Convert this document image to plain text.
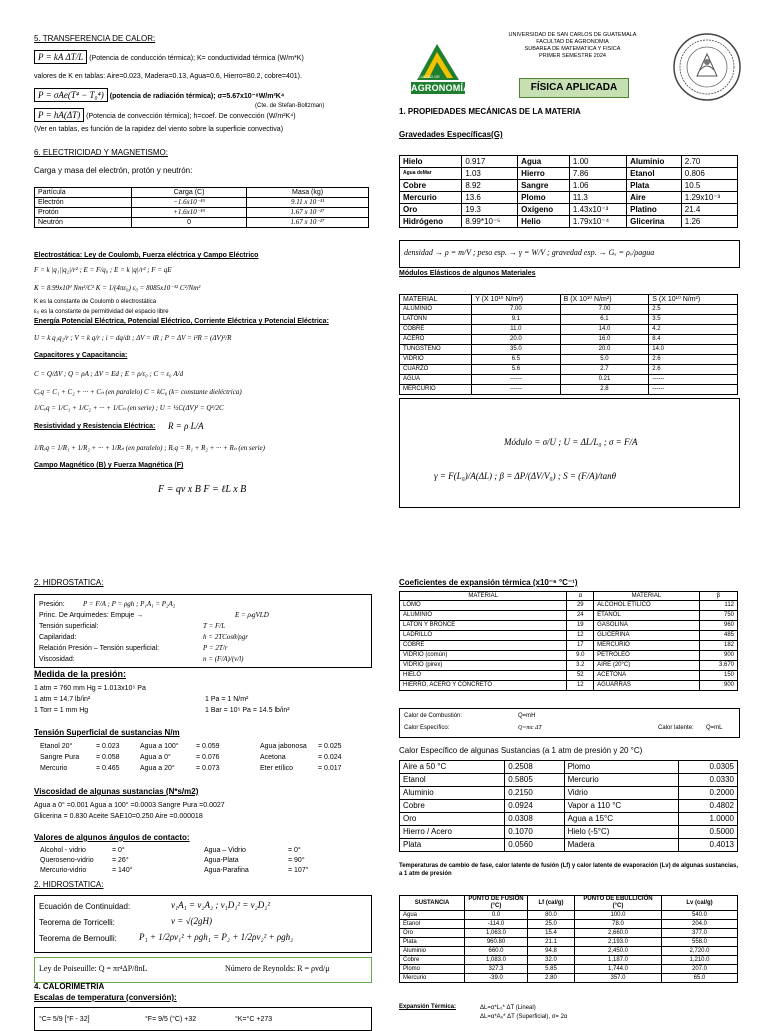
5. TRANSFERENCIA DE CALOR:
P = kA ΔT/L (Potencia de conducción térmica); K= conductividad térmica (W/m*K)
valores de K en tablas: Aire=0.023, Madera=0.13, Agua=0.6, Hierro=80.2, cobre=401).
P = σAe(T⁴ − T₀⁴) (potencia de radiación térmica); σ=5.67x10⁻⁸W/m²K⁴
(Cte. de Stefan-Boltzman)
P = hA(ΔT) (Potencia de convección térmica); h=coef. De convección (W/m²K⁴)
(Ver en tablas, es función de la rapidez del viento sobre la superficie convectiva)
6. ELECTRICIDAD Y MAGNETISMO:
Carga y masa del electrón, protón y neutrón:
Partícula	Carga (C)	Masa (kg)
Electrón	−1.6x10⁻¹⁹	9.11 x 10⁻³¹
Protón	+1.6x10⁻¹⁹	1.67 x 10⁻²⁷
Neutrón	0	1.67 x 10⁻²⁷
Electrostática: Ley de Coulomb, Fuerza eléctrica y Campo Eléctrico
F = k |q₁||q₂|/r² ; E = F/q₀ ; E = k |q|/r² ; F = qE
K = 8.99x10⁹ Nm²/C² K = 1/(4πε₀) ε₀ = 8085x10⁻¹² C²/Nm²
K es la constante de Coulomb o electrostática
ε₀ es la constante de permitividad del espacio libre
Energía Potencial Eléctrica, Potencial Eléctrico, Corriente Eléctrica y Potencial Eléctrica:
U = k q₁q₂/r ; V = k q/r ; i = dq/dt ; ΔV = iR ; P = ΔV = i²R = (ΔV)²/R
Capacitores y Capacitancia:
C = Q/ΔV ; Q = ρA ; ΔV = Ed ; E = ρ/ε₀ ; C = ε₀ A/d
Cₑq = C₁ + C₂ + ··· + Cₙ (en paralelo) C = kC₀ (k= constante dieléctrica)
1/Cₑq = 1/C₁ + 1/C₂ + ··· + 1/Cₙ (en serie) ; U = ½C(ΔV)² = Q²/2C
Resistividad y Resistencia Eléctrica: R = ρ L/A
1/Rₑq = 1/R₁ + 1/R₂ + ··· + 1/Rₙ (en paralelo) ; Rₑq = R₁ + R₂ + ··· + Rₙ (en serie)
Campo Magnético (B) y Fuerza Magnética (F)
F = qv x B F = ℓL x B
FACULTAD DE
AGRONOMÍA
UNIVERSIDAD DE SAN CARLOS DE GUATEMALA
FACULTAD DE AGRONOMIA
SUBAREA DE MATEMATICA Y FISICA
PRIMER SEMESTRE 2024
FÍSICA APLICADA
1. PROPIEDADES MECÁNICAS DE LA MATERIA
Gravedades Específicas(G)
Hielo	0.917	Agua	1.00	Aluminio	2.70
Agua deMar	1.03	Hierro	7.86	Etanol	0.806
Cobre	8.92	Sangre	1.06	Plata	10.5
Mercurio	13.6	Plomo	11.3	Aire	1.29x10⁻³
Oro	19.3	Oxígeno	1.43x10⁻³	Platino	21.4
Hidrógeno	8.99*10⁻⁵	Helio	1.79x10⁻⁴	Glicerina	1.26
densidad → ρ = m/V ; peso esp. → γ = W/V ; gravedad esp. → Gₓ = ρₓ/ρagua
Módulos Elásticos de algunos Materiales
MATERIAL	Y (X 10¹⁰ N/m²)	B (X 10¹⁰ N/m²)	S (X 10¹⁰ N/m²)
ALUMINIO	7.00	7.00	2.5
LATONN	9.1	6.1	3.5
COBRE	11.0	14.0	4.2
ACERO	20.0	16.0	8.4
TUNGSTENO	35.0	20.0	14.0
VIDRIO	6.5	5.0	2.6
CUARZO	5.6	2.7	2.6
AGUA	------	0.21	------
MERCURIO	------	2.8	------
Módulo = σ/U ; U = ΔL/L₀ ; σ = F/A
γ = F(L₀)/A(ΔL) ; β = ΔP/(ΔV/V₀) ; S = (F/A)/tanθ
2. HIDROSTATICA:
Presión:	P = F/A ; P = ρgh ; P₁A₁ = P₂A₂
Princ. De Arquimedes: Empuje →	E = ρₗgVLD
Tensión superficial:	T = F/L
Capilaridad:	h = 2TCosθ/ρgr
Relación Presión – Tensión superficial:	P = 2T/r
Viscosidad:	n = (F/A)/(v/l)
Medida de la presión:
1 atm = 760 mm Hg = 1.013x10⁵ Pa
1 atm = 14.7 lb/in²
1 Torr = 1 mm Hg
1 Pa = 1 N/m²
1 Bar = 10⁵ Pa = 14.5 lb/in²
Tensión Superficial de sustancias N/m
Etanol 20°	= 0.023	Agua a 100° = 0.059	Agua jabonosa = 0.025
Sangre Pura = 0.058	Agua a 0°	= 0.076	Acetona	= 0.024
Mercurio	= 0.465	Agua a 20°	= 0.073	Eter etílico	= 0.017
Viscosidad de algunas sustancias (N*s/m2)
Agua a 0° =0.001 Agua a 100° =0.0003 Sangre Pura =0.0027
Glicerina = 0.830 Aceite SAE10=0.250 Aire =0.000018
Valores de algunos ángulos de contacto:
Alcohol - vidrio	= 0°	Agua – Vidrio	= 0°
Queroseno-vidrio	= 26°	Agua-Plata	= 90°
Mercurio-vidrio	= 140°	Agua-Parafina	= 107°
2. HIDROSTATICA:
Ecuación de Continuidad:	v₁A₁ = v₂A₂ ; v₁D₁² = v₂D₂²
Teorema de Torricelli:	v = √(2gH)
Teorema de Bernoulli: P₁ + 1/2ρv₁² + ρgh₁ = P₂ + 1/2ρv₂² + ρgh₂
Ley de Poiseuille: Q = πr⁴ΔP/8nL	Número de Reynolds: R = ρvd/μ
4. CALORIMETRIA
Escalas de temperatura (conversión):
°C= 5/9 [°F - 32]	°F= 9/5 (°C) +32	°K=°C +273
Coeficientes de expansión térmica (x10⁻⁶ °C⁻¹)
MATERIAL	α	MATERIAL	β
LOMO	29	ALCOHOL ETILICO	112
ALUMINIO	24	ETANOL	750
LATON Y BRONCE	19	GASOLINA	960
LADRILLO	12	GLICERINA	485
COBRE	17	MERCURIO	182
VIDRIO (común)	9.0	PETROLEO	900
VIDRIO (pirex)	3.2	AIRE (20°C)	3.670
HIELO	52	ACETONA	150
HIERRO, ACERO Y CONCRETO	12	AGUARRÁS	900
Calor de Combustión:	Q=mH
Calor Específico:	Q=mc ΔT	Calor latente: Q=mL
Calor Específico de algunas Sustancias (a 1 atm de presión y 20 °C)
Aire a 50 °C	0.2508	Plomo	0.0305
Etanol	0.5805	Mercurio	0.0330
Aluminio	0.2150	Vidrio	0.2000
Cobre	0.0924	Vapor a 110 °C	0.4802
Oro	0.0308	Agua a 15°C	1.0000
Hierro / Acero	0.1070	Hielo (-5°C)	0.5000
Plata	0.0560	Madera	0.4013
Temperaturas de cambio de fase, calor latente de fusión (Lf) y calor latente de evaporación (Lv) de algunas sustancias, a 1 atm de presión
SUSTANCIA	PUNTO DE FUSIÓN (°C)	Lf (cal/g)	PUNTO DE EBULLICIÓN (°C)	Lv (cal/g)
Agua	0.0	80.0	100.0	540.0
Etanol	-114.0	25.0	78.0	204.0
Oro	1,063.0	15.4	2,660.0	377.0
Plata	960.80	21.1	2,193.0	558.0
Aluminio	660.0	94.8	2,450.0	2,720.0
Cobre	1,083.0	32.0	1,187.0	1,210.0
Plomo	327.3	5.85	1,744.0	207.0
Mercurio	-39.0	2.80	357.0	65.0
Expansión Térmica:	ΔL=α*L₀* ΔT (Lineal)
ΔL=α*A₀* ΔT (Superficial), σ= 2α
